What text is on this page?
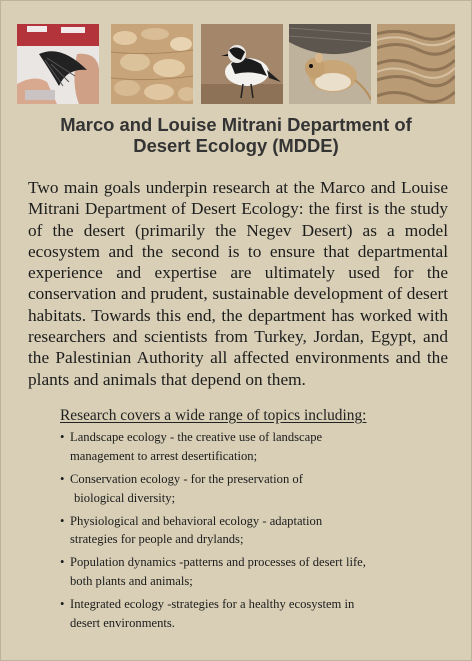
Marco and Louise Mitrani Department of
Desert Ecology (MDDE)

Two main goals underpin research at the Marco and Louise Mitrani Department of Desert Ecology: the first is the study of the desert (primarily the Negev Desert) as a model ecosystem and the second is to ensure that departmental experience and expertise are ultimately used for the conservation and prudent, sustainable development of desert habitats. Towards this end, the department has worked with researchers and scientists from Turkey, Jordan, Egypt, and the Palestinian Authority all affected environments and the plants and animals that depend on them.

Research covers a wide range of topics including:

• Landscape ecology - the creative use of landscape
management to arrest desertification;
• Conservation ecology - for the preservation of
biological diversity;
• Physiological and behavioral ecology - adaptation
strategies for people and drylands;
• Population dynamics -patterns and processes of desert life,
both plants and animals;
• Integrated ecology -strategies for a healthy ecosystem in
desert environments.
